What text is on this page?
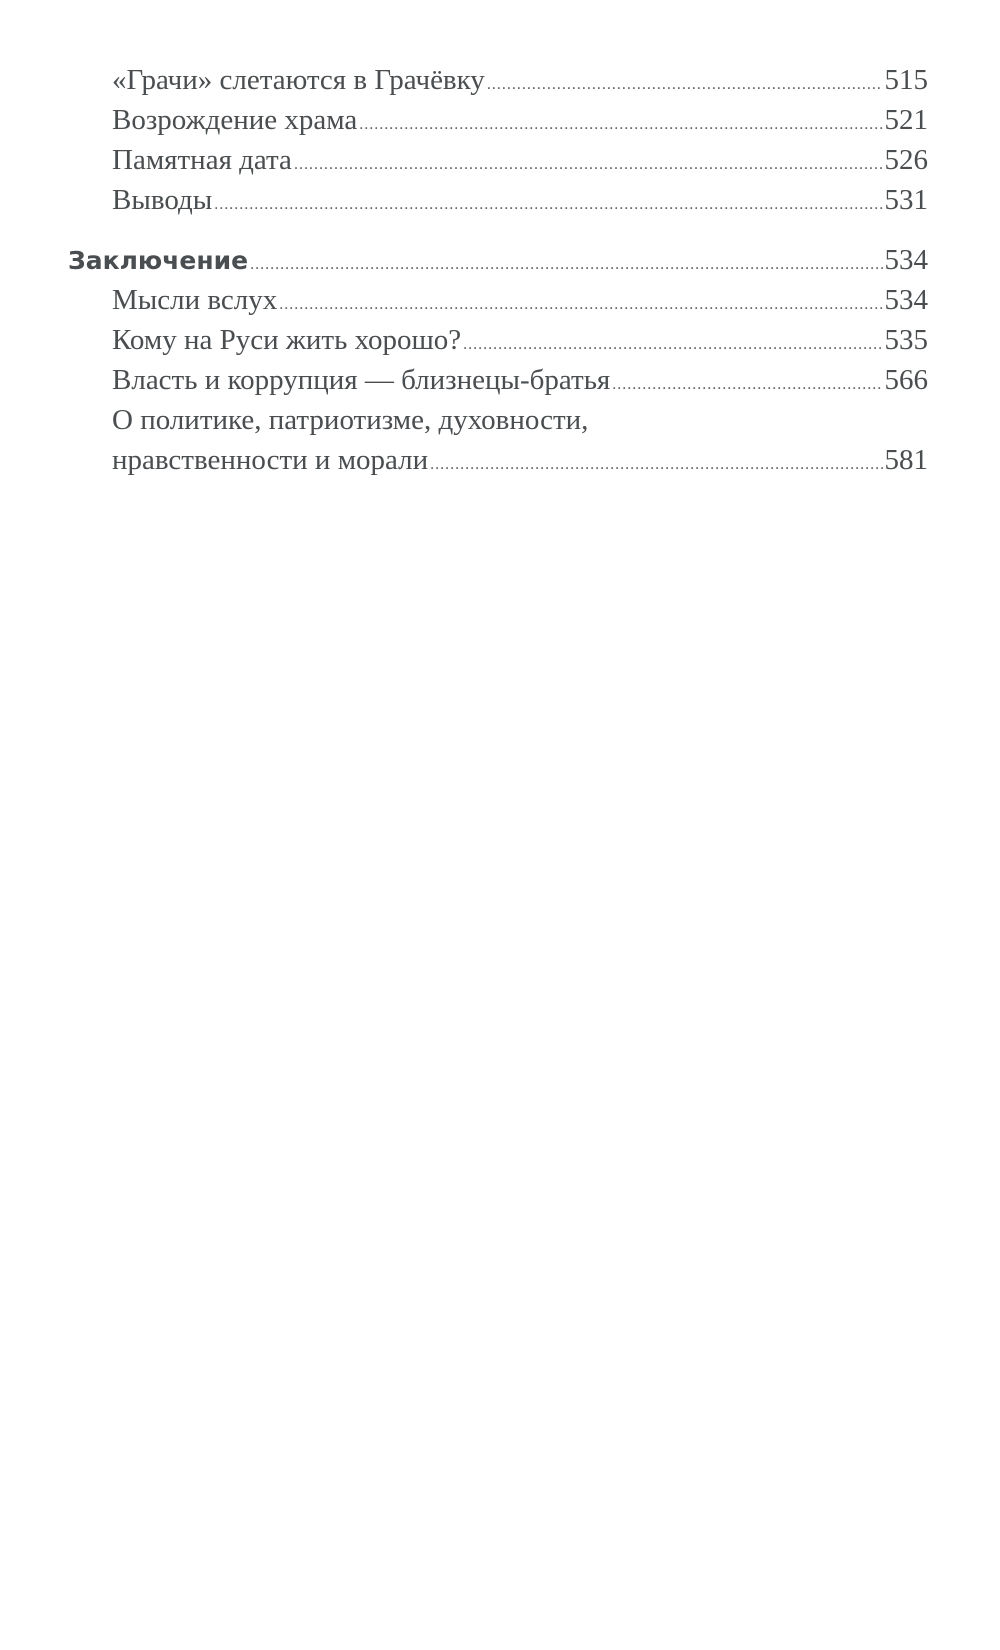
«Грачи» слетаются в Грачёвку .....	515
Возрождение храма .....	521
Памятная дата .....	526
Выводы .....	531
Заключение .....	534
Мысли вслух .....	534
Кому на Руси жить хорошо? .....	535
Власть и коррупция — близнецы-братья .....	566
О политике, патриотизме, духовности,
нравственности и морали .....	581
